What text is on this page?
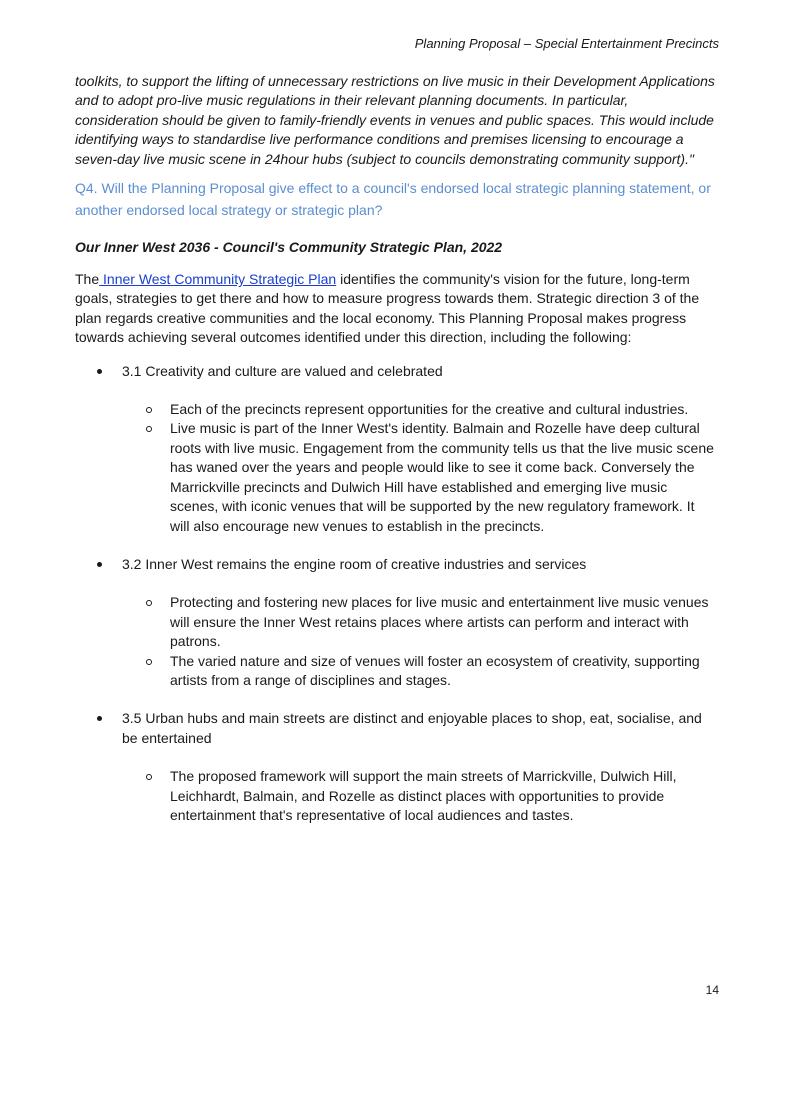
Planning Proposal – Special Entertainment Precincts

toolkits, to support the lifting of unnecessary restrictions on live music in their Development Applications and to adopt pro-live music regulations in their relevant planning documents. In particular, consideration should be given to family-friendly events in venues and public spaces. This would include identifying ways to standardise live performance conditions and premises licensing to encourage a seven-day live music scene in 24hour hubs (subject to councils demonstrating community support)."

Q4. Will the Planning Proposal give effect to a council's endorsed local strategic planning statement, or another endorsed local strategy or strategic plan?

Our Inner West 2036 - Council's Community Strategic Plan, 2022

The Inner West Community Strategic Plan identifies the community's vision for the future, long-term goals, strategies to get there and how to measure progress towards them. Strategic direction 3 of the plan regards creative communities and the local economy. This Planning Proposal makes progress towards achieving several outcomes identified under this direction, including the following:

3.1 Creativity and culture are valued and celebrated
Each of the precincts represent opportunities for the creative and cultural industries.
Live music is part of the Inner West's identity. Balmain and Rozelle have deep cultural roots with live music. Engagement from the community tells us that the live music scene has waned over the years and people would like to see it come back. Conversely the Marrickville precincts and Dulwich Hill have established and emerging live music scenes, with iconic venues that will be supported by the new regulatory framework. It will also encourage new venues to establish in the precincts.
3.2 Inner West remains the engine room of creative industries and services
Protecting and fostering new places for live music and entertainment live music venues will ensure the Inner West retains places where artists can perform and interact with patrons.
The varied nature and size of venues will foster an ecosystem of creativity, supporting artists from a range of disciplines and stages.
3.5 Urban hubs and main streets are distinct and enjoyable places to shop, eat, socialise, and be entertained
The proposed framework will support the main streets of Marrickville, Dulwich Hill, Leichhardt, Balmain, and Rozelle as distinct places with opportunities to provide entertainment that's representative of local audiences and tastes.
14
